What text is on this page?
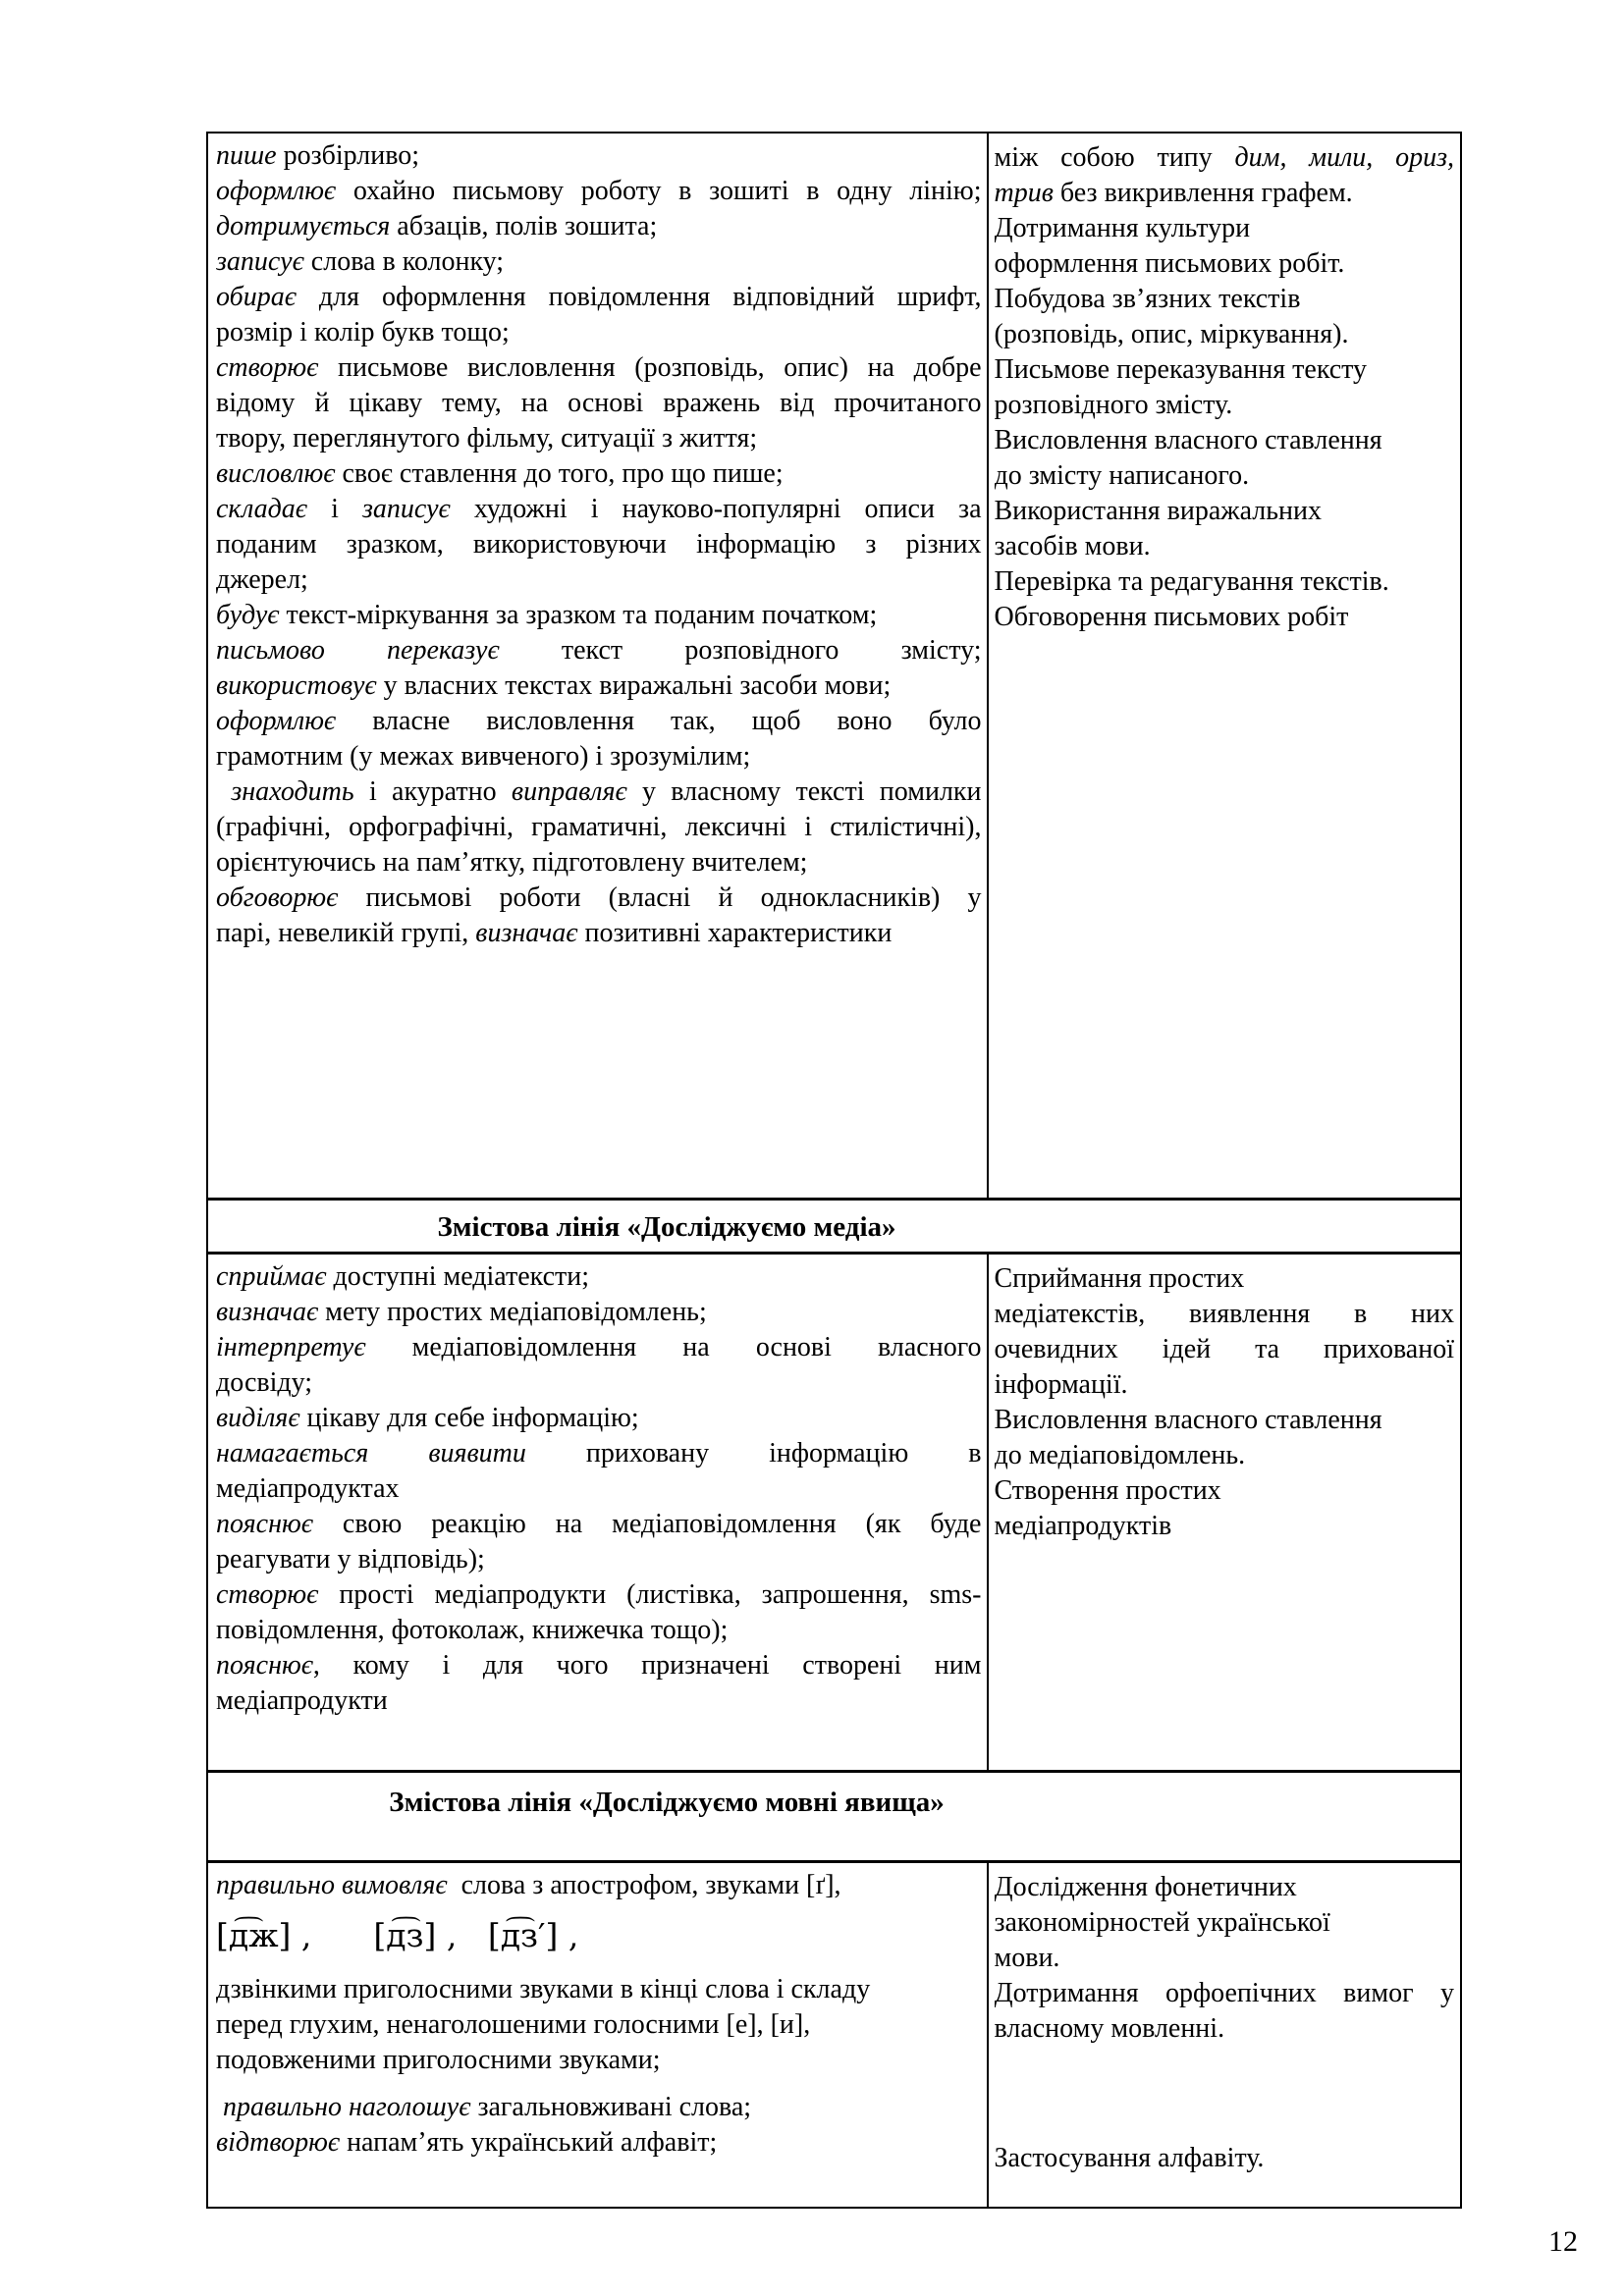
пише розбірливо;
оформлює охайно письмову роботу в зошиті в одну лінію;
дотримується абзаців, полів зошита;
записує слова в колонку;
обирає для оформлення повідомлення відповідний шрифт,
розмір і колір букв тощо;
створює письмове висловлення (розповідь, опис) на добре
відому й цікаву тему, на основі вражень від прочитаного
твору, переглянутого фільму, ситуації з життя;
висловлює своє ставлення до того, про що пише;
складає і записує художні і науково-популярні описи за
поданим зразком, використовуючи інформацію з різних
джерел;
будує текст-міркування за зразком та поданим початком;
письмово переказує текст розповідного змісту;
використовує у власних текстах виражальні засоби мови;
оформлює власне висловлення так, щоб воно було
грамотним (у межах вивченого) і зрозумілим;
знаходить і акуратно виправляє у власному тексті помилки
(графічні, орфографічні, граматичні, лексичні і стилістичні),
орієнтуючись на пам’ятку, підготовлену вчителем;
обговорює письмові роботи (власні й однокласників) у
парі, невеликій групі, визначає позитивні характеристики
між собою типу дим, мили, ориз,
трив без викривлення графем.
Дотримання культури
оформлення письмових робіт.
Побудова зв’язних текстів
(розповідь, опис, міркування).
Письмове переказування тексту
розповідного змісту.
Висловлення власного ставлення
до змісту написаного.
Використання виражальних
засобів мови.
Перевірка та редагування текстів.
Обговорення письмових робіт
Змістова лінія «Досліджуємо медіа»
сприймає доступні медіатексти;
визначає мету простих медіаповідомлень;
інтерпретує медіаповідомлення на основі власного
досвіду;
виділяє цікаву для себе інформацію;
намагається виявити приховану інформацію в
медіапродуктах
пояснює свою реакцію на медіаповідомлення (як буде
реагувати у відповідь);
створює прості медіапродукти (листівка, запрошення, sms-
повідомлення, фотоколаж, книжечка тощо);
пояснює, кому і для чого призначені створені ним
медіапродукти
Сприймання простих
медіатекстів, виявлення в них
очевидних ідей та прихованої
інформації.
Висловлення власного ставлення
до медіаповідомлень.
Створення простих
медіапродуктів
Змістова лінія «Досліджуємо мовні явища»
правильно вимовляє  слова з апострофом, звуками [ґ],
[д͡ж] ,      [д͡з] ,   [д͡з′] ,
дзвінкими приголосними звуками в кінці слова і складу
перед глухим, ненаголошеними голосними [е], [и],
подовженими приголосними звуками;
правильно наголошує загальновживані слова;
відтворює напам’ять український алфавіт;
Дослідження фонетичних
закономірностей української
мови.
Дотримання орфоепічних вимог у
власному мовленні.
Застосування алфавіту.
12
